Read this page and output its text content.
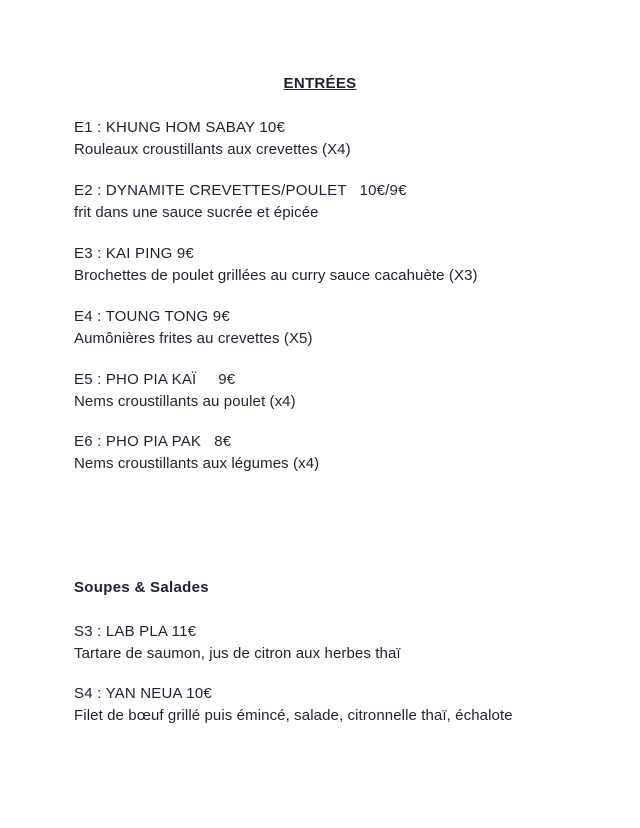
ENTRÉES
E1 : KHUNG HOM SABAY 10€
Rouleaux croustillants aux crevettes (X4)
E2 : DYNAMITE CREVETTES/POULET   10€/9€
frit dans une sauce sucrée et épicée
E3 : KAI PING 9€
Brochettes de poulet grillées au curry sauce cacahuète (X3)
E4 : TOUNG TONG 9€
Aumônières frites au crevettes (X5)
E5 : PHO PIA KAÏ     9€
Nems croustillants au poulet (x4)
E6 : PHO PIA PAK   8€
Nems croustillants aux légumes (x4)
Soupes & Salades
S3 : LAB PLA 11€
Tartare de saumon, jus de citron aux herbes thaï
S4 : YAN NEUA 10€
Filet de bœuf grillé puis émincé, salade, citronnelle thaï, échalote
